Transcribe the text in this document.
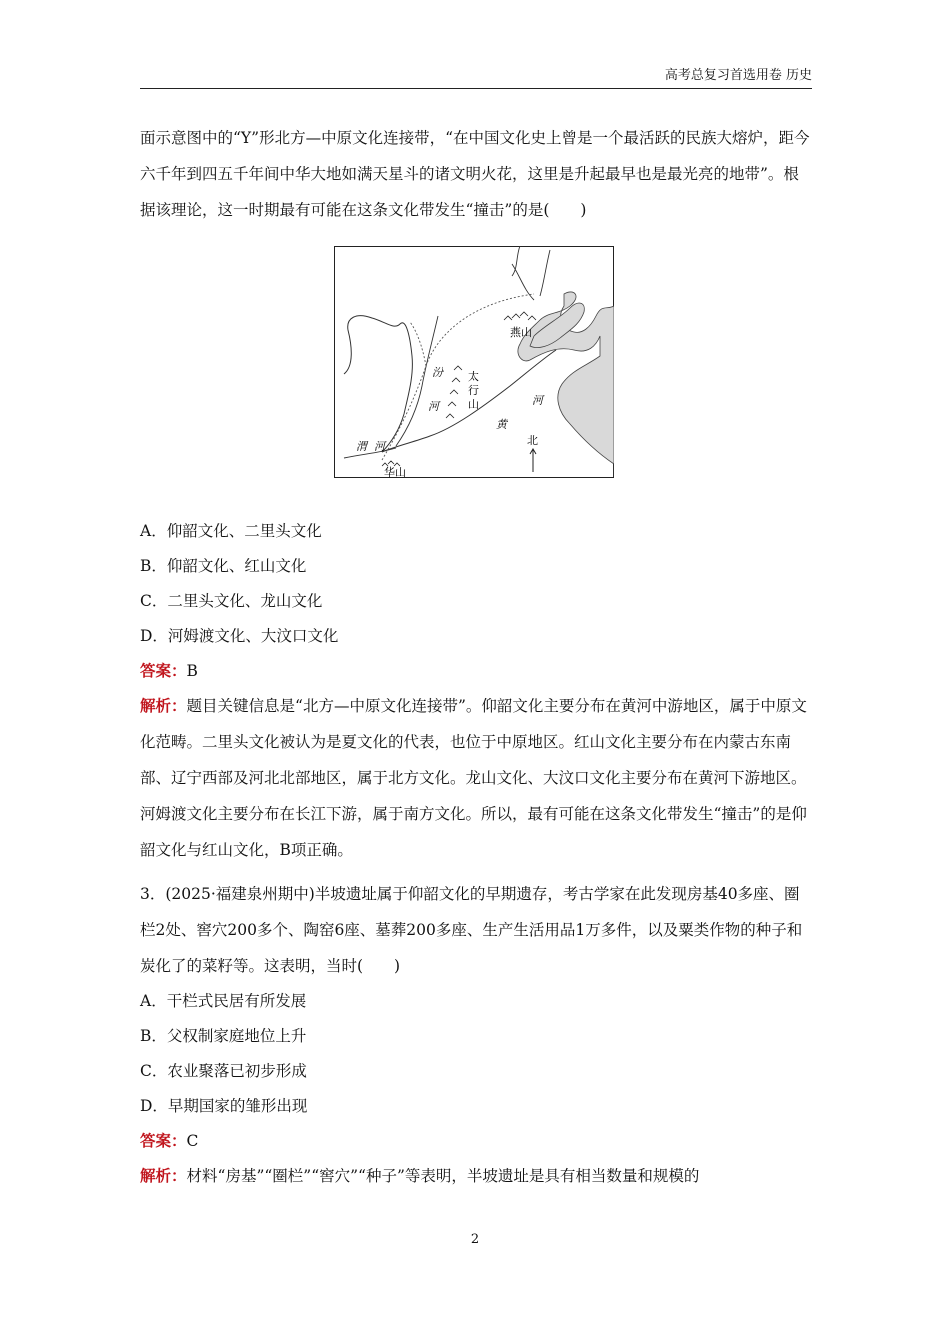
高考总复习首选用卷 历史

面示意图中的“Y”形北方—中原文化连接带，“在中国文化史上曾是一个最活跃的民族大熔炉，距今六千年到四五千年间中华大地如满天星斗的诸文明火花，这里是升起最早也是最光亮的地带”。根据该理论，这一时期最有可能在这条文化带发生“撞击”的是(　　)

燕山
太
行
山
汾
河
黄
河
渭 河
华山
北
A．仰韶文化、二里头文化
B．仰韶文化、红山文化
C．二里头文化、龙山文化
D．河姆渡文化、大汶口文化
答案：B

解析：题目关键信息是“北方—中原文化连接带”。仰韶文化主要分布在黄河中游地区，属于中原文化范畴。二里头文化被认为是夏文化的代表，也位于中原地区。红山文化主要分布在内蒙古东南部、辽宁西部及河北北部地区，属于北方文化。龙山文化、大汶口文化主要分布在黄河下游地区。河姆渡文化主要分布在长江下游，属于南方文化。所以，最有可能在这条文化带发生“撞击”的是仰韶文化与红山文化，B项正确。

3．(2025·福建泉州期中)半坡遗址属于仰韶文化的早期遗存，考古学家在此发现房基40多座、圈栏2处、窖穴200多个、陶窑6座、墓葬200多座、生产生活用品1万多件，以及粟类作物的种子和炭化了的菜籽等。这表明，当时(　　)

A．干栏式民居有所发展
B．父权制家庭地位上升
C．农业聚落已初步形成
D．早期国家的雏形出现
答案：C

解析：材料“房基”“圈栏”“窖穴”“种子”等表明，半坡遗址是具有相当数量和规模的

2
